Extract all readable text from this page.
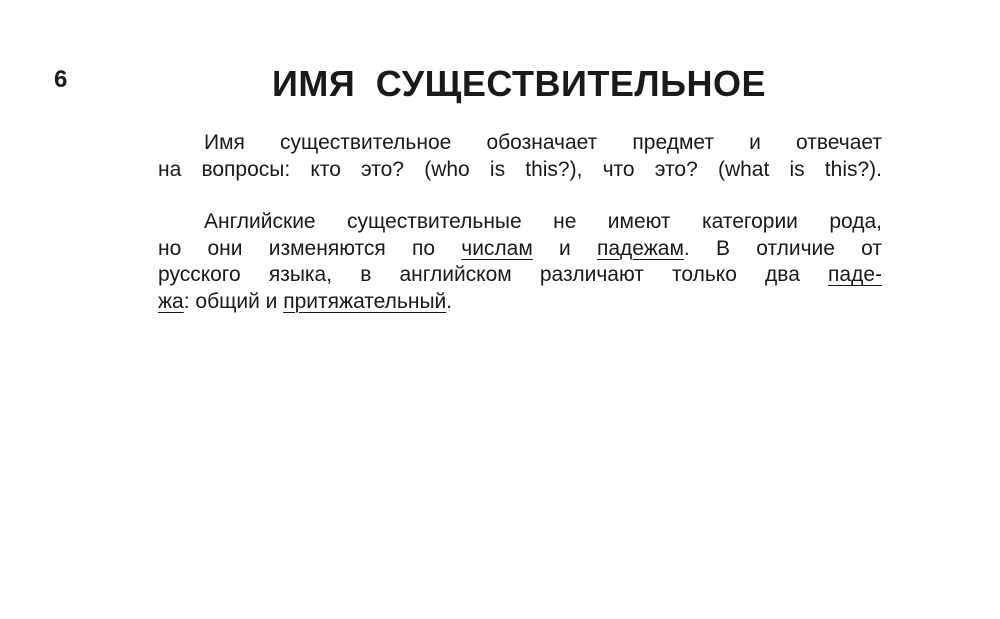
6	ИМЯ СУЩЕСТВИТЕЛЬНОЕ

Имя существительное обозначает предмет и отвечает
на вопросы: кто это? (who is this?), что это? (what is this?).

Английские существительные не имеют категории рода,
но они изменяются по числам и падежам. В отличие от
русского языка, в английском различают только два паде-
жа: общий и притяжательный.
